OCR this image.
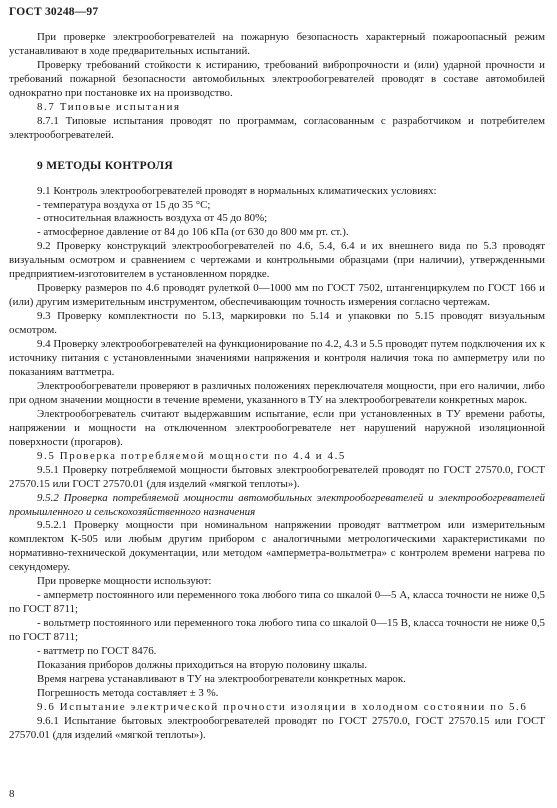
ГОСТ 30248—97
При проверке электрообогревателей на пожарную безопасность характерный пожароопасный режим устанавливают в ходе предварительных испытаний.
Проверку требований стойкости к истиранию, требований вибропрочности и (или) ударной прочности и требований пожарной безопасности автомобильных электрообогревателей проводят в составе автомобилей однократно при постановке их на производство.
8.7 Типовые испытания
8.7.1 Типовые испытания проводят по программам, согласованным с разработчиком и потребителем электрообогревателей.
9 МЕТОДЫ КОНТРОЛЯ
9.1 Контроль электрообогревателей проводят в нормальных климатических условиях:
- температура воздуха от 15 до 35 °С;
- относительная влажность воздуха от 45 до 80%;
- атмосферное давление от 84 до 106 кПа (от 630 до 800 мм рт. ст.).
9.2 Проверку конструкций электрообогревателей по 4.6, 5.4, 6.4 и их внешнего вида по 5.3 проводят визуальным осмотром и сравнением с чертежами и контрольными образцами (при наличии), утвержденными предприятием-изготовителем в установленном порядке.
Проверку размеров по 4.6 проводят рулеткой 0—1000 мм по ГОСТ 7502, штангенциркулем по ГОСТ 166 и (или) другим измерительным инструментом, обеспечивающим точность измерения согласно чертежам.
9.3 Проверку комплектности по 5.13, маркировки по 5.14 и упаковки по 5.15 проводят визуальным осмотром.
9.4 Проверку электрообогревателей на функционирование по 4.2, 4.3 и 5.5 проводят путем подключения их к источнику питания с установленными значениями напряжения и контроля наличия тока по амперметру или по показаниям ваттметра.
Электрообогреватели проверяют в различных положениях переключателя мощности, при его наличии, либо при одном значении мощности в течение времени, указанного в ТУ на электрообогреватели конкретных марок.
Электрообогреватель считают выдержавшим испытание, если при установленных в ТУ времени работы, напряжении и мощности на отключенном электрообогревателе нет нарушений наружной изоляционной поверхности (прогаров).
9.5 Проверка потребляемой мощности по 4.4 и 4.5
9.5.1 Проверку потребляемой мощности бытовых электрообогревателей проводят по ГОСТ 27570.0, ГОСТ 27570.15 или ГОСТ 27570.01 (для изделий «мягкой теплоты»).
9.5.2 Проверка потребляемой мощности автомобильных электрообогревателей и электрообогревателей промышленного и сельскохозяйственного назначения
9.5.2.1 Проверку мощности при номинальном напряжении проводят ваттметром или измерительным комплектом К-505 или любым другим прибором с аналогичными метрологическими характеристиками по нормативно-технической документации, или методом «амперметра-вольтметра» с контролем времени нагрева по секундомеру.
При проверке мощности используют:
- амперметр постоянного или переменного тока любого типа со шкалой 0—5 А, класса точности не ниже 0,5 по ГОСТ 8711;
- вольтметр постоянного или переменного тока любого типа со шкалой 0—15 В, класса точности не ниже 0,5 по ГОСТ 8711;
- ваттметр по ГОСТ 8476.
Показания приборов должны приходиться на вторую половину шкалы.
Время нагрева устанавливают в ТУ на электрообогреватели конкретных марок.
Погрешность метода составляет ± 3 %.
9.6 Испытание электрической прочности изоляции в холодном состоянии по 5.6
9.6.1 Испытание бытовых электрообогревателей проводят по ГОСТ 27570.0, ГОСТ 27570.15 или ГОСТ 27570.01 (для изделий «мягкой теплоты»).
8
